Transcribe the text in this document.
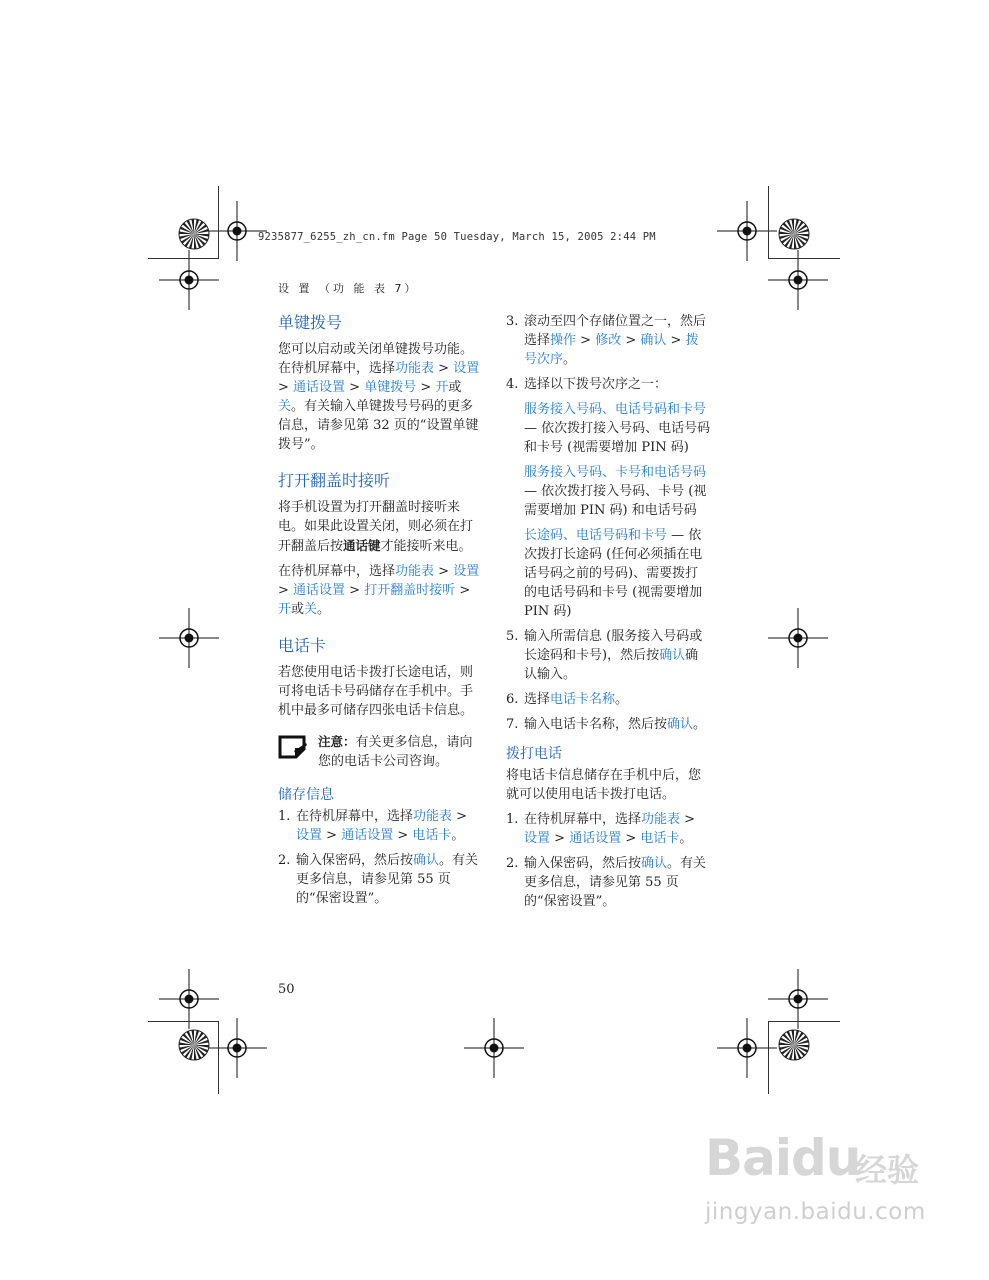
9235877_6255_zh_cn.fm Page 50 Tuesday, March 15, 2005 2:44 PM
设 置 （功 能 表 7）
单键拨号

您可以启动或关闭单键拨号功能。在待机屏幕中，选择功能表 > 设置 > 通话设置 > 单键拨号 > 开或关。有关输入单键拨号号码的更多信息，请参见第 32 页的“设置单键拨号”。

打开翻盖时接听

将手机设置为打开翻盖时接听来电。如果此设置关闭，则必须在打开翻盖后按通话键才能接听来电。

在待机屏幕中，选择功能表 > 设置 > 通话设置 > 打开翻盖时接听 > 开或关。

电话卡

若您使用电话卡拨打长途电话，则可将电话卡号码储存在手机中。手机中最多可储存四张电话卡信息。

注意：有关更多信息，请向您的电话卡公司咨询。
储存信息
1. 在待机屏幕中，选择功能表 > 设置 > 通话设置 > 电话卡。
2. 输入保密码，然后按确认。有关更多信息，请参见第 55 页的“保密设置”。
3. 滚动至四个存储位置之一，然后选择操作 > 修改 > 确认 > 拨号次序。
4. 选择以下拨号次序之一：

服务接入号码、电话号码和卡号 — 依次拨打接入号码、电话号码和卡号 (视需要增加 PIN 码)

服务接入号码、卡号和电话号码 — 依次拨打接入号码、卡号 (视需要增加 PIN 码) 和电话号码

长途码、电话号码和卡号 — 依次拨打长途码 (任何必须插在电话号码之前的号码)、需要拨打的电话号码和卡号 (视需要增加 PIN 码)

5. 输入所需信息 (服务接入号码或长途码和卡号)，然后按确认确认输入。
6. 选择电话卡名称。
7. 输入电话卡名称，然后按确认。
拨打电话

将电话卡信息储存在手机中后，您就可以使用电话卡拨打电话。

1. 在待机屏幕中，选择功能表 > 设置 > 通话设置 > 电话卡。
2. 输入保密码，然后按确认。有关更多信息，请参见第 55 页的“保密设置”。
50
Baidu
经验
jingyan.baidu.com
